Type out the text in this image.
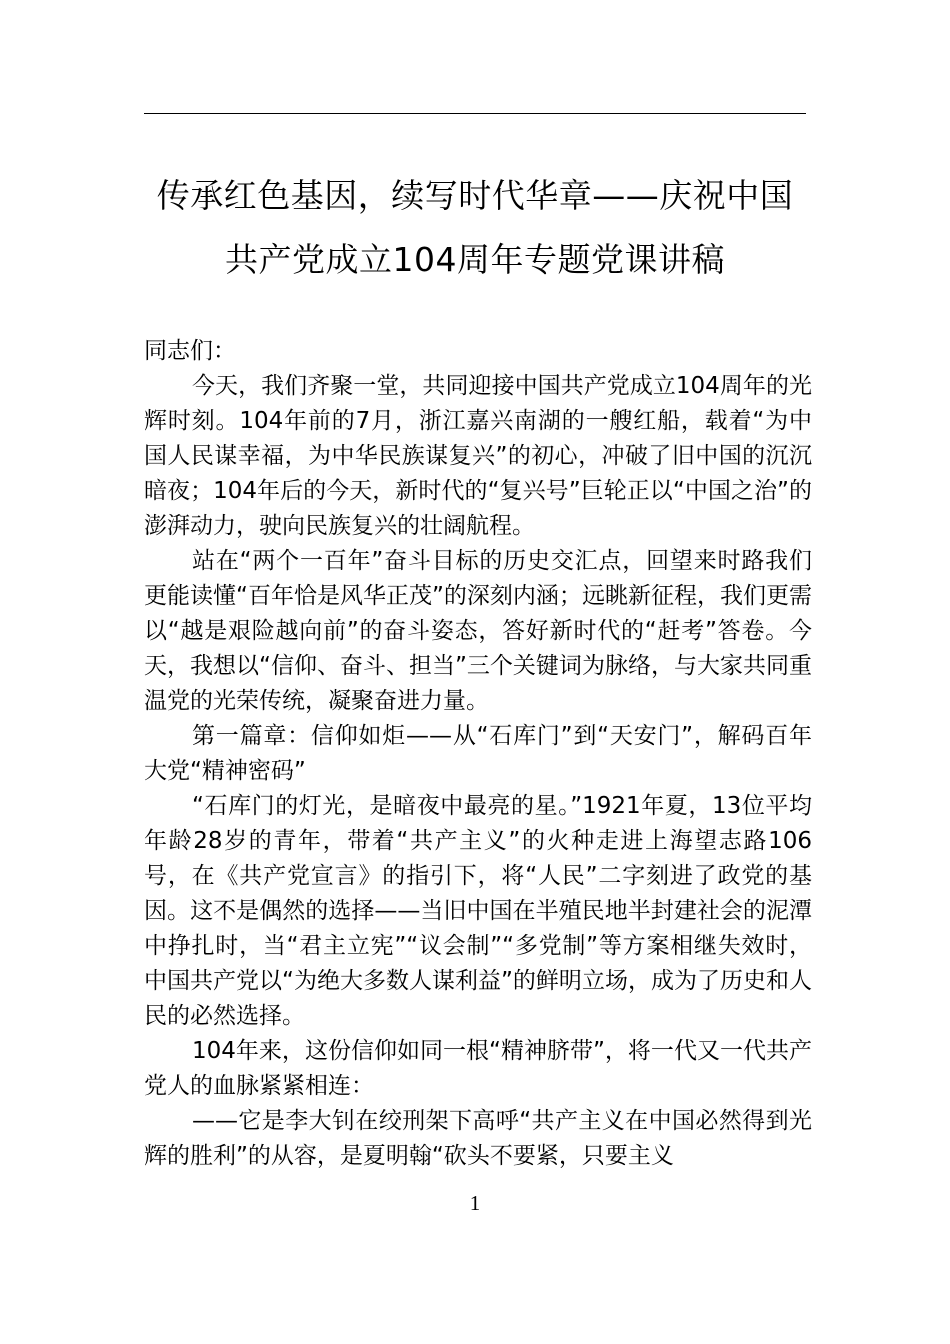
传承红色基因，续写时代华章——庆祝中国共产党成立104周年专题党课讲稿

同志们：

今天，我们齐聚一堂，共同迎接中国共产党成立104周年的光辉时刻。104年前的7月，浙江嘉兴南湖的一艘红船，载着“为中国人民谋幸福，为中华民族谋复兴”的初心，冲破了旧中国的沉沉暗夜；104年后的今天，新时代的“复兴号”巨轮正以“中国之治”的澎湃动力，驶向民族复兴的壮阔航程。

站在“两个一百年”奋斗目标的历史交汇点，回望来时路我们更能读懂“百年恰是风华正茂”的深刻内涵；远眺新征程，我们更需以“越是艰险越向前”的奋斗姿态，答好新时代的“赶考”答卷。今天，我想以“信仰、奋斗、担当”三个关键词为脉络，与大家共同重温党的光荣传统，凝聚奋进力量。

第一篇章：信仰如炬——从“石库门”到“天安门”，解码百年大党“精神密码”

“石库门的灯光，是暗夜中最亮的星。”1921年夏，13位平均年龄28岁的青年，带着“共产主义”的火种走进上海望志路106号，在《共产党宣言》的指引下，将“人民”二字刻进了政党的基因。这不是偶然的选择——当旧中国在半殖民地半封建社会的泥潭中挣扎时，当“君主立宪”“议会制”“多党制”等方案相继失效时，中国共产党以“为绝大多数人谋利益”的鲜明立场，成为了历史和人民的必然选择。

104年来，这份信仰如同一根“精神脐带”，将一代又一代共产党人的血脉紧紧相连：

——它是李大钊在绞刑架下高呼“共产主义在中国必然得到光辉的胜利”的从容，是夏明翰“砍头不要紧，只要主义

1
